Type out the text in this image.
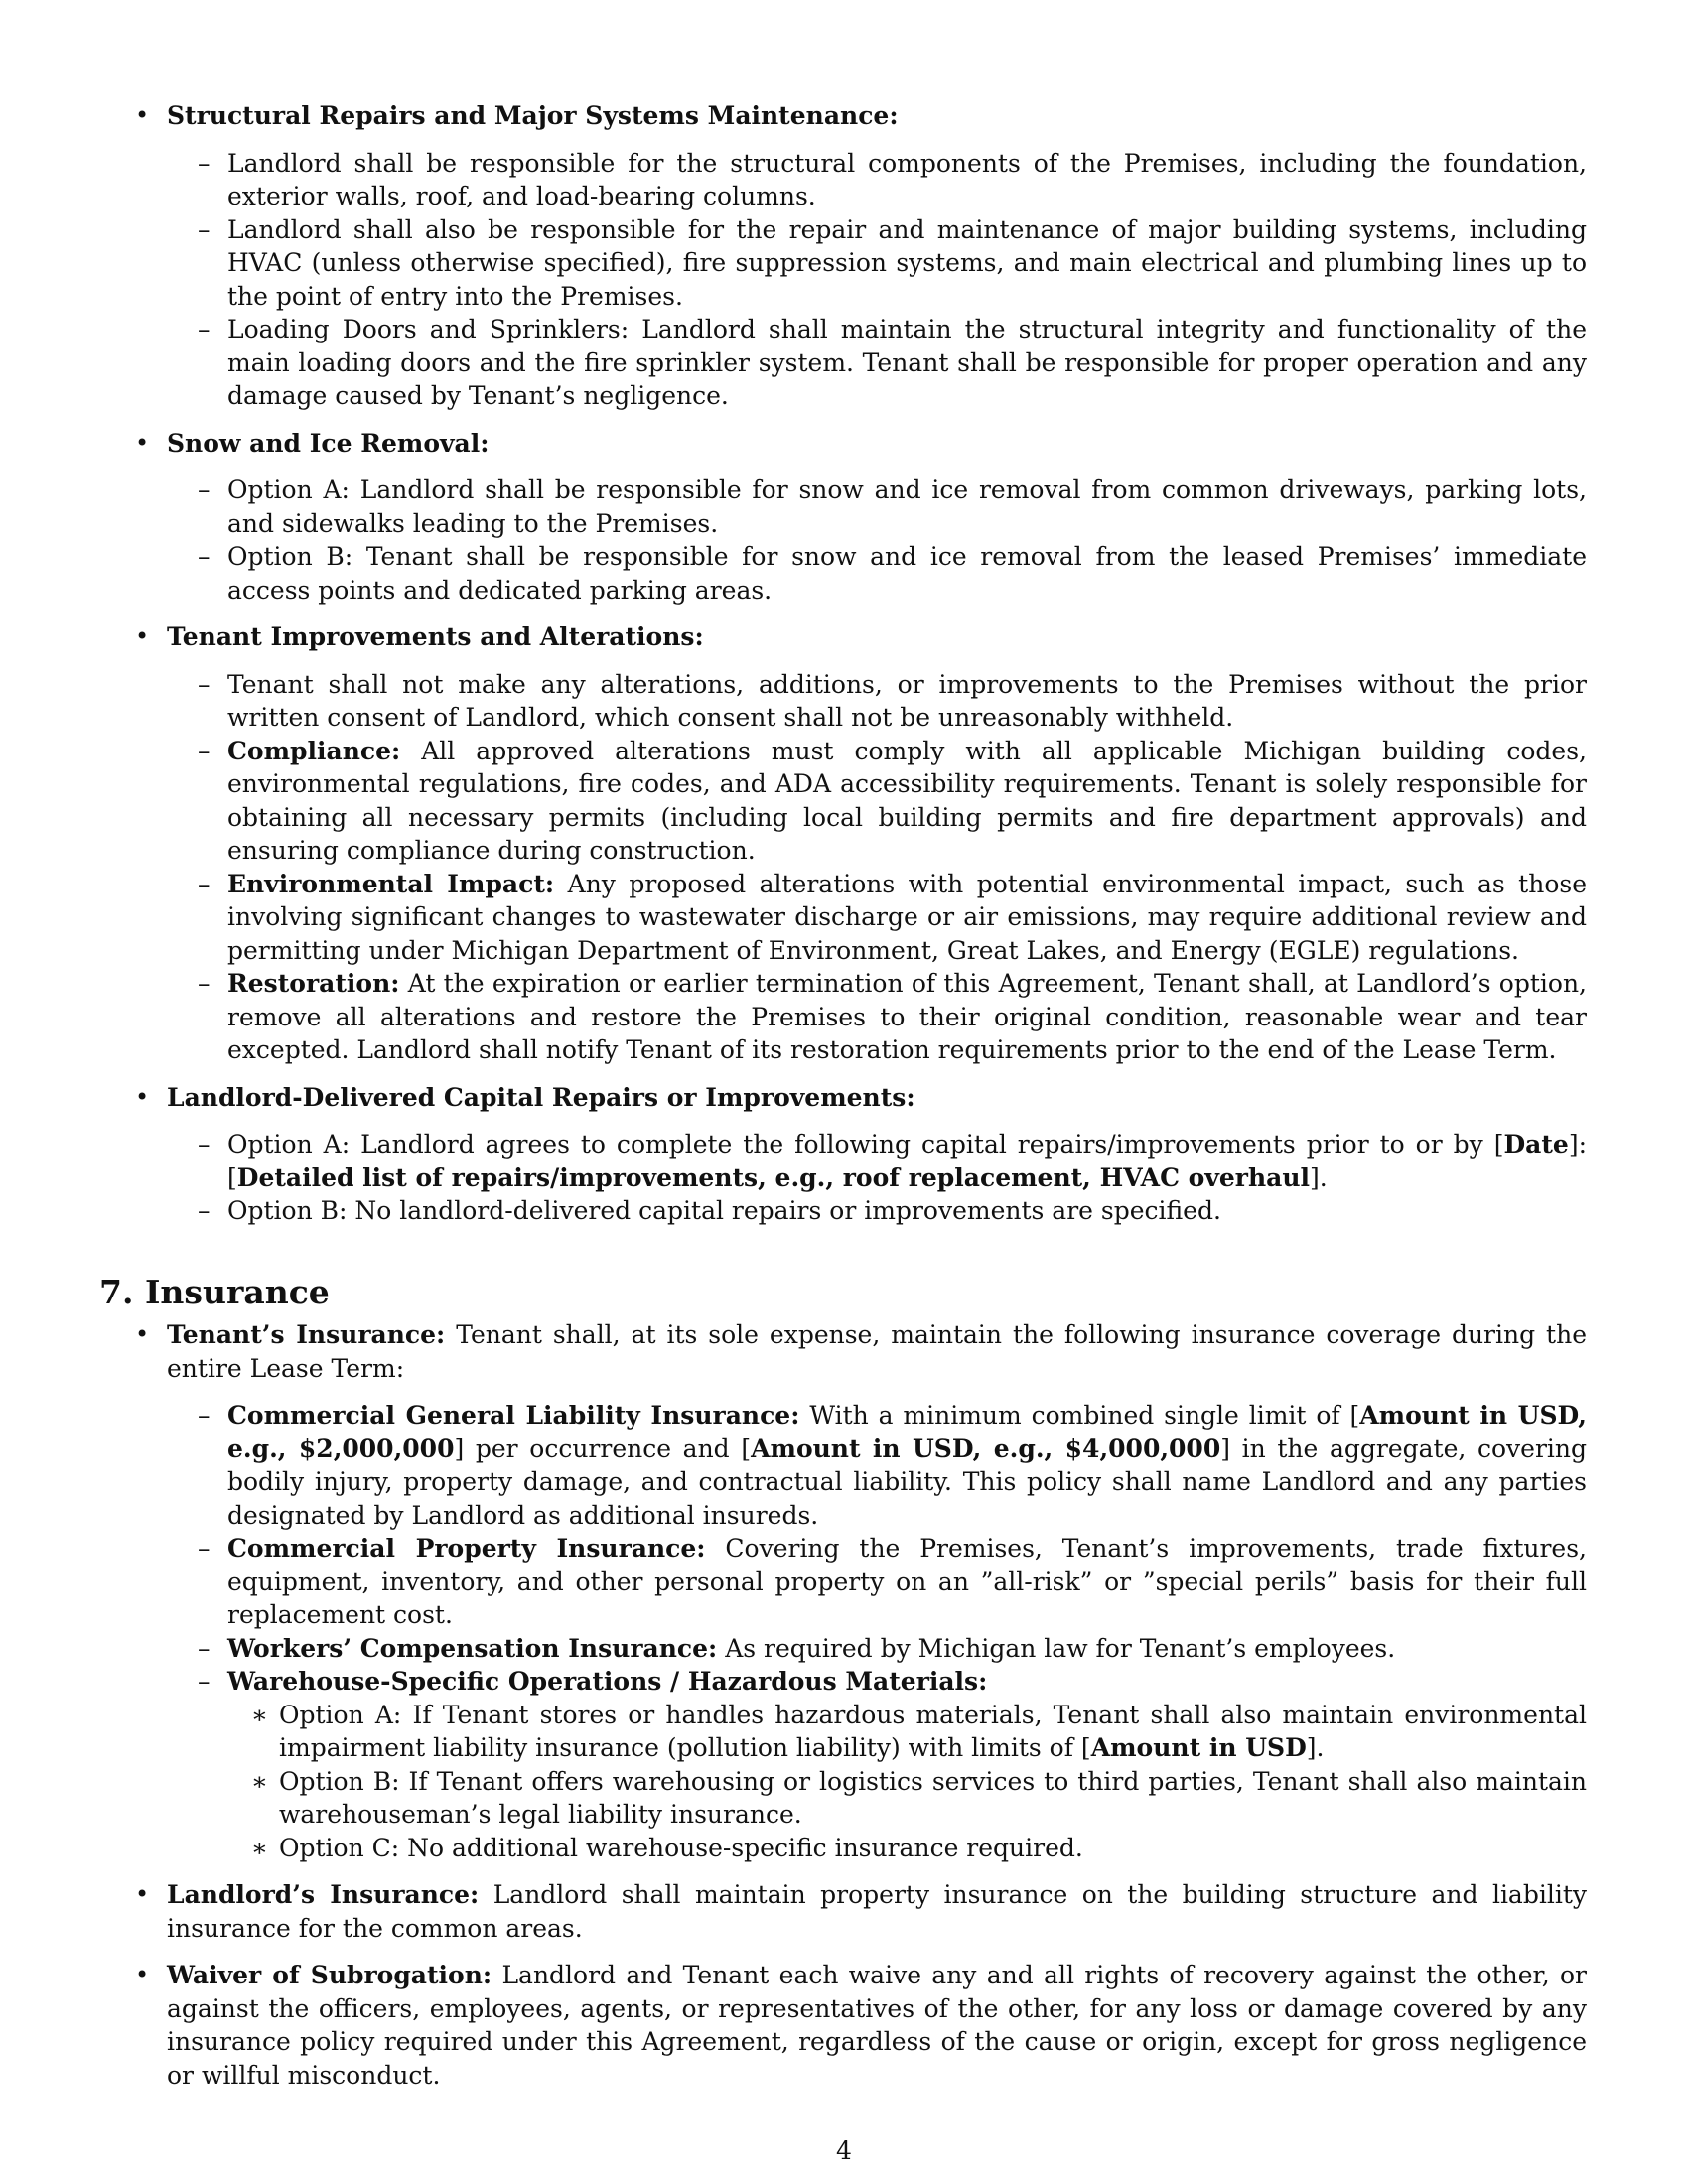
• Structural Repairs and Major Systems Maintenance:
– Landlord shall be responsible for the structural components of the Premises, including the foundation, exterior walls, roof, and load-bearing columns.
– Landlord shall also be responsible for the repair and maintenance of major building systems, including HVAC (unless otherwise specified), fire suppression systems, and main electrical and plumbing lines up to the point of entry into the Premises.
– Loading Doors and Sprinklers: Landlord shall maintain the structural integrity and functionality of the main loading doors and the fire sprinkler system. Tenant shall be responsible for proper operation and any damage caused by Tenant’s negligence.
• Snow and Ice Removal:
– Option A: Landlord shall be responsible for snow and ice removal from common driveways, parking lots, and sidewalks leading to the Premises.
– Option B: Tenant shall be responsible for snow and ice removal from the leased Premises’ immediate access points and dedicated parking areas.
• Tenant Improvements and Alterations:
– Tenant shall not make any alterations, additions, or improvements to the Premises without the prior written consent of Landlord, which consent shall not be unreasonably withheld.
– Compliance: All approved alterations must comply with all applicable Michigan building codes, environmental regulations, fire codes, and ADA accessibility requirements. Tenant is solely responsible for obtaining all necessary permits (including local building permits and fire department approvals) and ensuring compliance during construction.
– Environmental Impact: Any proposed alterations with potential environmental impact, such as those involving significant changes to wastewater discharge or air emissions, may require additional review and permitting under Michigan Department of Environment, Great Lakes, and Energy (EGLE) regulations.
– Restoration: At the expiration or earlier termination of this Agreement, Tenant shall, at Landlord’s option, remove all alterations and restore the Premises to their original condition, reasonable wear and tear excepted. Landlord shall notify Tenant of its restoration requirements prior to the end of the Lease Term.
• Landlord-Delivered Capital Repairs or Improvements:
– Option A: Landlord agrees to complete the following capital repairs/improvements prior to or by [Date]: [Detailed list of repairs/improvements, e.g., roof replacement, HVAC overhaul].
– Option B: No landlord-delivered capital repairs or improvements are specified.
7. Insurance
• Tenant’s Insurance: Tenant shall, at its sole expense, maintain the following insurance coverage during the entire Lease Term:
– Commercial General Liability Insurance: With a minimum combined single limit of [Amount in USD, e.g., $2,000,000] per occurrence and [Amount in USD, e.g., $4,000,000] in the aggregate, covering bodily injury, property damage, and contractual liability. This policy shall name Landlord and any parties designated by Landlord as additional insureds.
– Commercial Property Insurance: Covering the Premises, Tenant’s improvements, trade fixtures, equipment, inventory, and other personal property on an ”all-risk” or ”special perils” basis for their full replacement cost.
– Workers’ Compensation Insurance: As required by Michigan law for Tenant’s employees.
– Warehouse-Specific Operations / Hazardous Materials:
∗ Option A: If Tenant stores or handles hazardous materials, Tenant shall also maintain environmental impairment liability insurance (pollution liability) with limits of [Amount in USD].
∗ Option B: If Tenant offers warehousing or logistics services to third parties, Tenant shall also maintain warehouseman’s legal liability insurance.
∗ Option C: No additional warehouse-specific insurance required.
• Landlord’s Insurance: Landlord shall maintain property insurance on the building structure and liability insurance for the common areas.
• Waiver of Subrogation: Landlord and Tenant each waive any and all rights of recovery against the other, or against the officers, employees, agents, or representatives of the other, for any loss or damage covered by any insurance policy required under this Agreement, regardless of the cause or origin, except for gross negligence or willful misconduct.
4
